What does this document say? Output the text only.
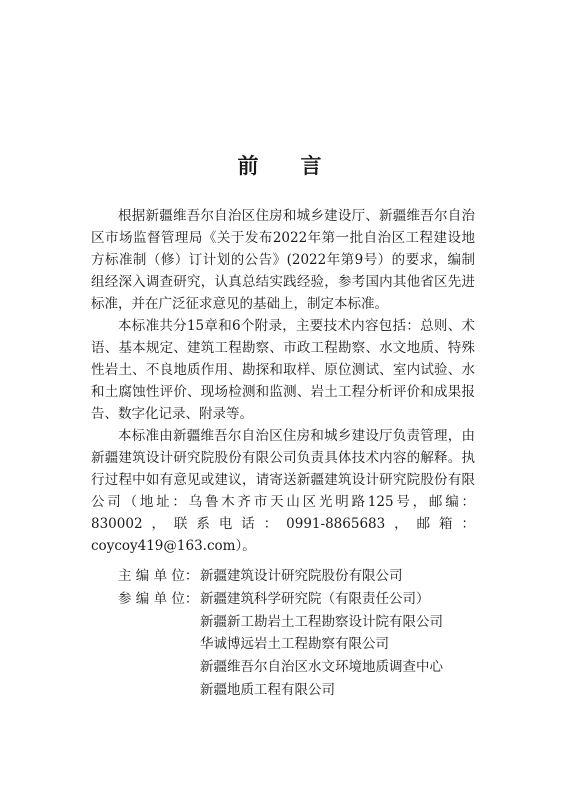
前 言

根据新疆维吾尔自治区住房和城乡建设厅、新疆维吾尔自治区市场监督管理局《关于发布2022年第一批自治区工程建设地方标准制（修）订计划的公告》(2022年第9号）的要求，编制组经深入调查研究，认真总结实践经验，参考国内其他省区先进标准，并在广泛征求意见的基础上，制定本标准。

本标准共分15章和6个附录，主要技术内容包括：总则、术语、基本规定、建筑工程勘察、市政工程勘察、水文地质、特殊性岩土、不良地质作用、勘探和取样、原位测试、室内试验、水和土腐蚀性评价、现场检测和监测、岩土工程分析评价和成果报告、数字化记录、附录等。

本标准由新疆维吾尔自治区住房和城乡建设厅负责管理，由新疆建筑设计研究院股份有限公司负责具体技术内容的解释。执行过程中如有意见或建议，请寄送新疆建筑设计研究院股份有限公司（地址：乌鲁木齐市天山区光明路125号，邮编：830002，联系电话：0991-8865683，邮箱：coycoy419@163.com）。

主 编 单 位： 新疆建筑设计研究院股份有限公司
参 编 单 位： 新疆建筑科学研究院（有限责任公司）
新疆新工勘岩土工程勘察设计院有限公司
华诚博远岩土工程勘察有限公司
新疆维吾尔自治区水文环境地质调查中心
新疆地质工程有限公司
